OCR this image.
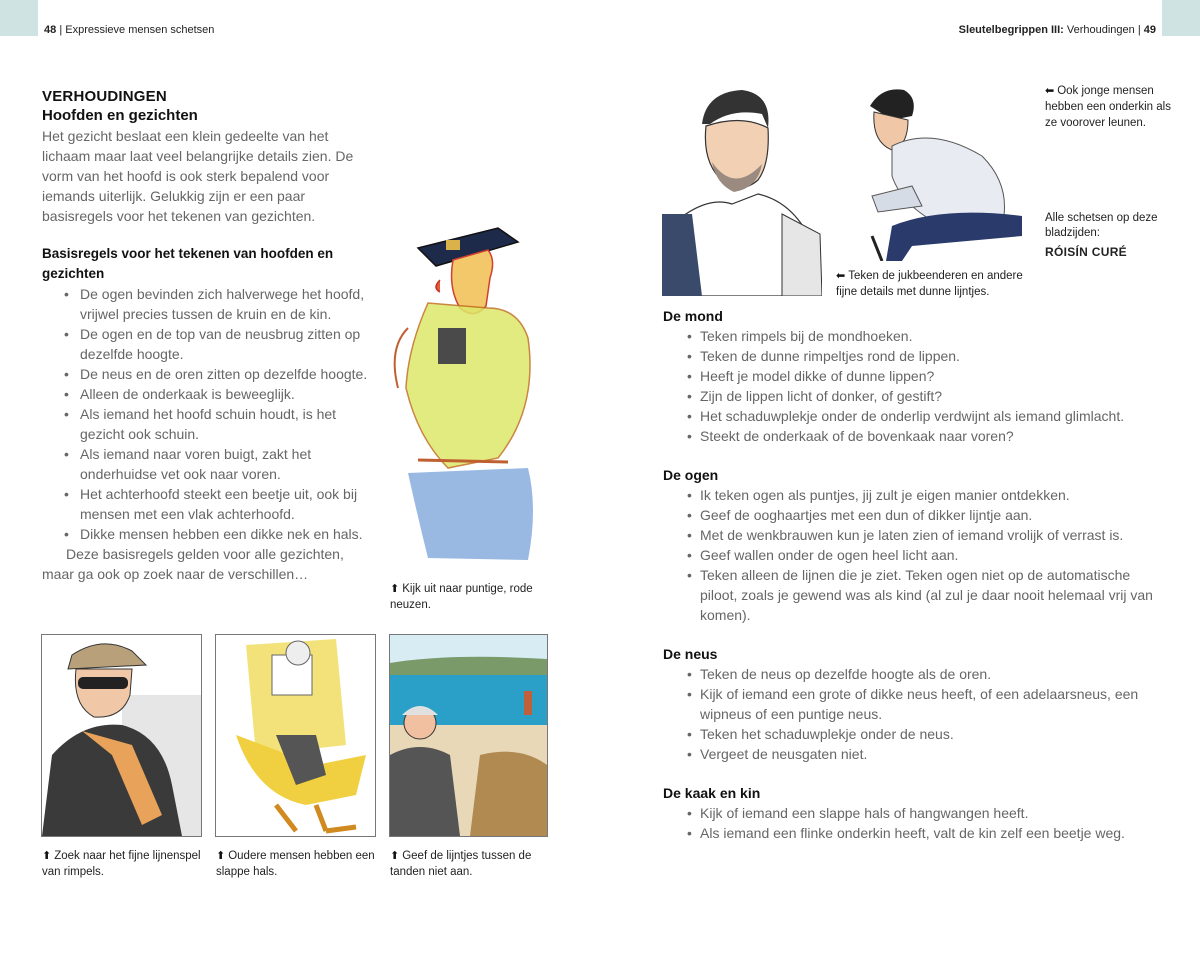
48 | Expressieve mensen schetsen	Sleutelbegrippen III: Verhoudingen | 49
VERHOUDINGEN
Hoofden en gezichten

Het gezicht beslaat een klein gedeelte van het lichaam maar laat veel belangrijke details zien. De vorm van het hoofd is ook sterk bepalend voor iemands uiterlijk. Gelukkig zijn er een paar basisregels voor het tekenen van gezichten.

Basisregels voor het tekenen van hoofden en gezichten
• De ogen bevinden zich halverwege het hoofd, vrijwel precies tussen de kruin en de kin.
• De ogen en de top van de neusbrug zitten op dezelfde hoogte.
• De neus en de oren zitten op dezelfde hoogte.
• Alleen de onderkaak is beweeglijk.
• Als iemand het hoofd schuin houdt, is het gezicht ook schuin.
• Als iemand naar voren buigt, zakt het onderhuidse vet ook naar voren.
• Het achterhoofd steekt een beetje uit, ook bij mensen met een vlak achterhoofd.
• Dikke mensen hebben een dikke nek en hals.

Deze basisregels gelden voor alle gezichten, maar ga ook op zoek naar de verschillen…

⬆ Kijk uit naar puntige, rode neuzen.
⬆ Zoek naar het fijne lijnenspel van rimpels.
⬆ Oudere mensen hebben een slappe hals.
⬆ Geef de lijntjes tussen de tanden niet aan.
⬅ Teken de jukbeenderen en andere fijne details met dunne lijntjes.
⬅ Ook jonge mensen hebben een onderkin als ze voorover leunen.
Alle schetsen op deze bladzijden:
RÓISÍN CURÉ
De mond
• Teken rimpels bij de mondhoeken.
• Teken de dunne rimpeltjes rond de lippen.
• Heeft je model dikke of dunne lippen?
• Zijn de lippen licht of donker, of gestift?
• Het schaduwplekje onder de onderlip verdwijnt als iemand glimlacht.
• Steekt de onderkaak of de bovenkaak naar voren?
De ogen
• Ik teken ogen als puntjes, jij zult je eigen manier ontdekken.
• Geef de ooghaartjes met een dun of dikker lijntje aan.
• Met de wenkbrauwen kun je laten zien of iemand vrolijk of verrast is.
• Geef wallen onder de ogen heel licht aan.
• Teken alleen de lijnen die je ziet. Teken ogen niet op de automatische piloot, zoals je gewend was als kind (al zul je daar nooit helemaal vrij van komen).
De neus
• Teken de neus op dezelfde hoogte als de oren.
• Kijk of iemand een grote of dikke neus heeft, of een adelaarsneus, een wipneus of een puntige neus.
• Teken het schaduwplekje onder de neus.
• Vergeet de neusgaten niet.
De kaak en kin
• Kijk of iemand een slappe hals of hangwangen heeft.
• Als iemand een flinke onderkin heeft, valt de kin zelf een beetje weg.
